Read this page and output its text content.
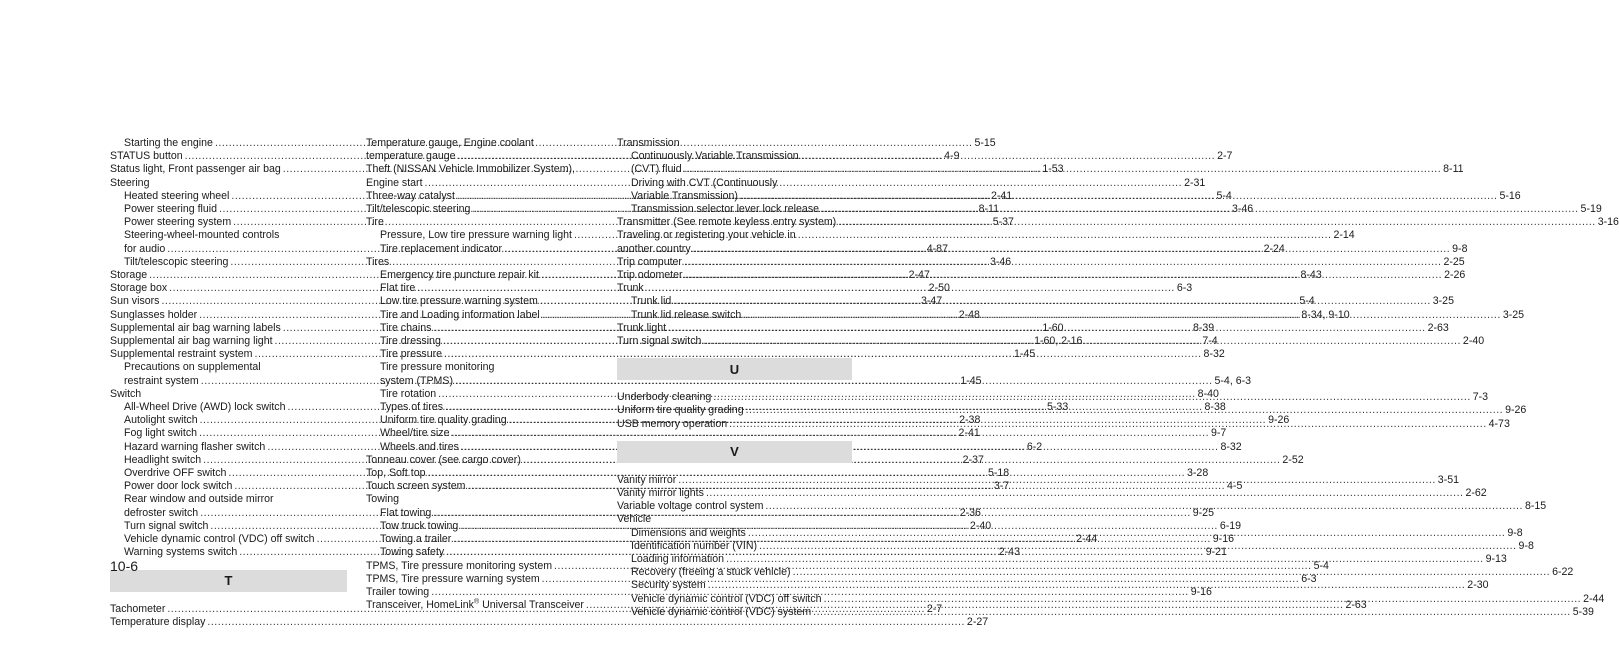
Starting the engine .....	5-15
STATUS button .....	4-9
Status light, Front passenger air bag .....	1-53
Steering
Heated steering wheel .....	2-41
Power steering fluid .....	8-11
Power steering system .....	5-37
Steering-wheel-mounted controls
for audio .....	4-87
Tilt/telescopic steering .....	3-46
Storage .....	2-47
Storage box .....	2-50
Sun visors .....	3-47
Sunglasses holder .....	2-48
Supplemental air bag warning labels .....	1-60
Supplemental air bag warning light .....	1-60, 2-16
Supplemental restraint system .....	1-45
Precautions on supplemental
restraint system .....	1-45
Switch
All-Wheel Drive (AWD) lock switch .....	5-33
Autolight switch .....	2-38
Fog light switch .....	2-41
Hazard warning flasher switch .....	6-2
Headlight switch .....	2-37
Overdrive OFF switch .....	5-18
Power door lock switch .....	3-7
Rear window and outside mirror
defroster switch .....	2-36
Turn signal switch .....	2-40
Vehicle dynamic control (VDC) off switch .....	2-44
Warning systems switch .....	2-43
T
Tachometer .....	2-7
Temperature display .....	2-27
Temperature gauge, Engine coolant
temperature gauge .....	2-7
Theft (NISSAN Vehicle Immobilizer System),
Engine start .....	2-31
Three-way catalyst .....	5-4
Tilt/telescopic steering .....	3-46
Tire
Pressure, Low tire pressure warning light .....	2-14
Tire replacement indicator .....	2-24
Tires
Emergency tire puncture repair kit .....	8-43
Flat tire .....	6-3
Low tire pressure warning system .....	5-4
Tire and Loading information label .....	8-34, 9-10
Tire chains .....	8-39
Tire dressing .....	7-4
Tire pressure .....	8-32
Tire pressure monitoring
system (TPMS) .....	5-4, 6-3
Tire rotation .....	8-40
Types of tires .....	8-38
Uniform tire quality grading .....	9-26
Wheel/tire size .....	9-7
Wheels and tires .....	8-32
Tonneau cover (see cargo cover) .....	2-52
Top, Soft top .....	3-28
Touch screen system .....	4-5
Towing
Flat towing .....	9-25
Tow truck towing .....	6-19
Towing a trailer .....	9-16
Towing safety .....	9-21
TPMS, Tire pressure monitoring system .....	5-4
TPMS, Tire pressure warning system .....	6-3
Trailer towing .....	9-16
Transceiver, HomeLink® Universal Transceiver .....	2-63
Transmission
Continuously Variable Transmission
(CVT) fluid .....	8-11
Driving with CVT (Continuously
Variable Transmission) .....	5-16
Transmission selector lever lock release .....	5-19
Transmitter (See remote keyless entry system) .....	3-16
Traveling or registering your vehicle in
another country .....	9-8
Trip computer .....	2-25
Trip odometer .....	2-26
Trunk
Trunk lid .....	3-25
Trunk lid release switch .....	3-25
Trunk light .....	2-63
Turn signal switch .....	2-40
U
Underbody cleaning .....	7-3
Uniform tire quality grading .....	9-26
USB memory operation .....	4-73
V
Vanity mirror .....	3-51
Vanity mirror lights .....	2-62
Variable voltage control system .....	8-15
Vehicle
Dimensions and weights .....	9-8
Identification number (VIN) .....	9-8
Loading information .....	9-13
Recovery (freeing a stuck vehicle) .....	6-22
Security system .....	2-30
Vehicle dynamic control (VDC) off switch .....	2-44
Vehicle dynamic control (VDC) system .....	5-39
10-6
